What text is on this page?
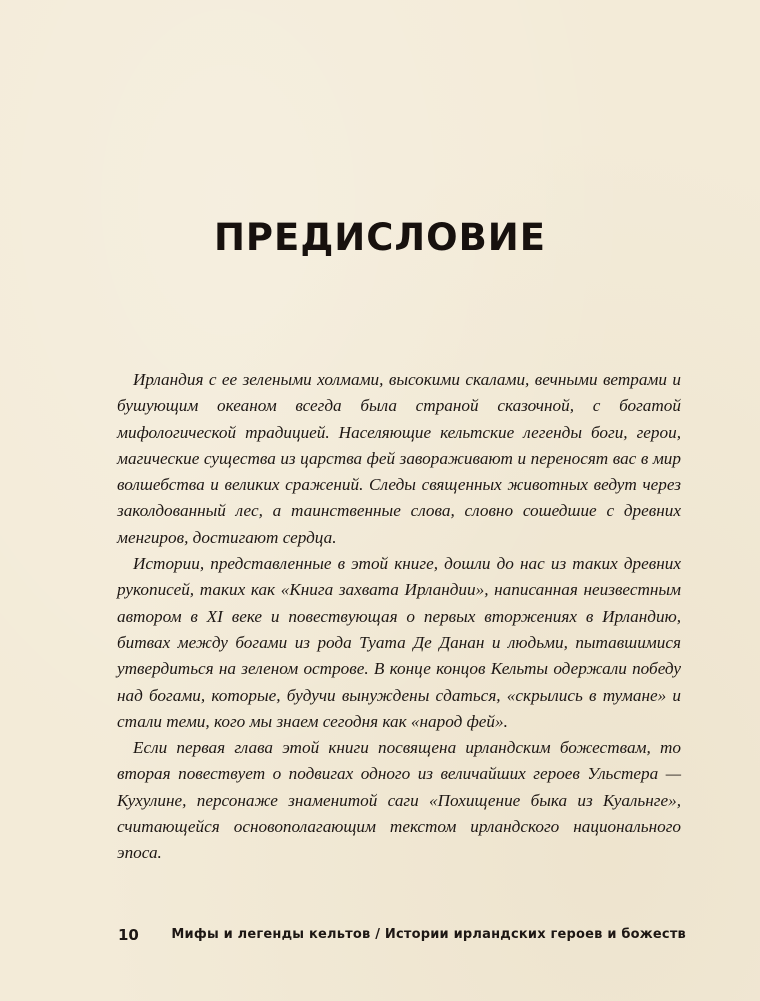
ПРЕДИСЛОВИЕ

Ирландия с ее зелеными холмами, высокими скалами, вечными ветрами и бушующим океаном всегда была страной сказочной, с богатой мифологической традицией. Населяющие кельтские легенды боги, герои, магические существа из царства фей завораживают и переносят вас в мир волшебства и великих сражений. Следы священных животных ведут через заколдованный лес, а таинственные слова, словно сошедшие с древних менгиров, достигают сердца.

Истории, представленные в этой книге, дошли до нас из таких древних рукописей, таких как «Книга захвата Ирландии», написанная неизвестным автором в XI веке и повествующая о первых вторжениях в Ирландию, битвах между богами из рода Туата Де Данан и людьми, пытавшимися утвердиться на зеленом острове. В конце концов Кельты одержали победу над богами, которые, будучи вынуждены сдаться, «скрылись в тумане» и стали теми, кого мы знаем сегодня как «народ фей».

Если первая глава этой книги посвящена ирландским божествам, то вторая повествует о подвигах одного из величайших героев Ульстера — Кухулине, персонаже знаменитой саги «Похищение быка из Куальнге», считающейся основополагающим текстом ирландского национального эпоса.

10	Мифы и легенды кельтов / Истории ирландских героев и божеств
